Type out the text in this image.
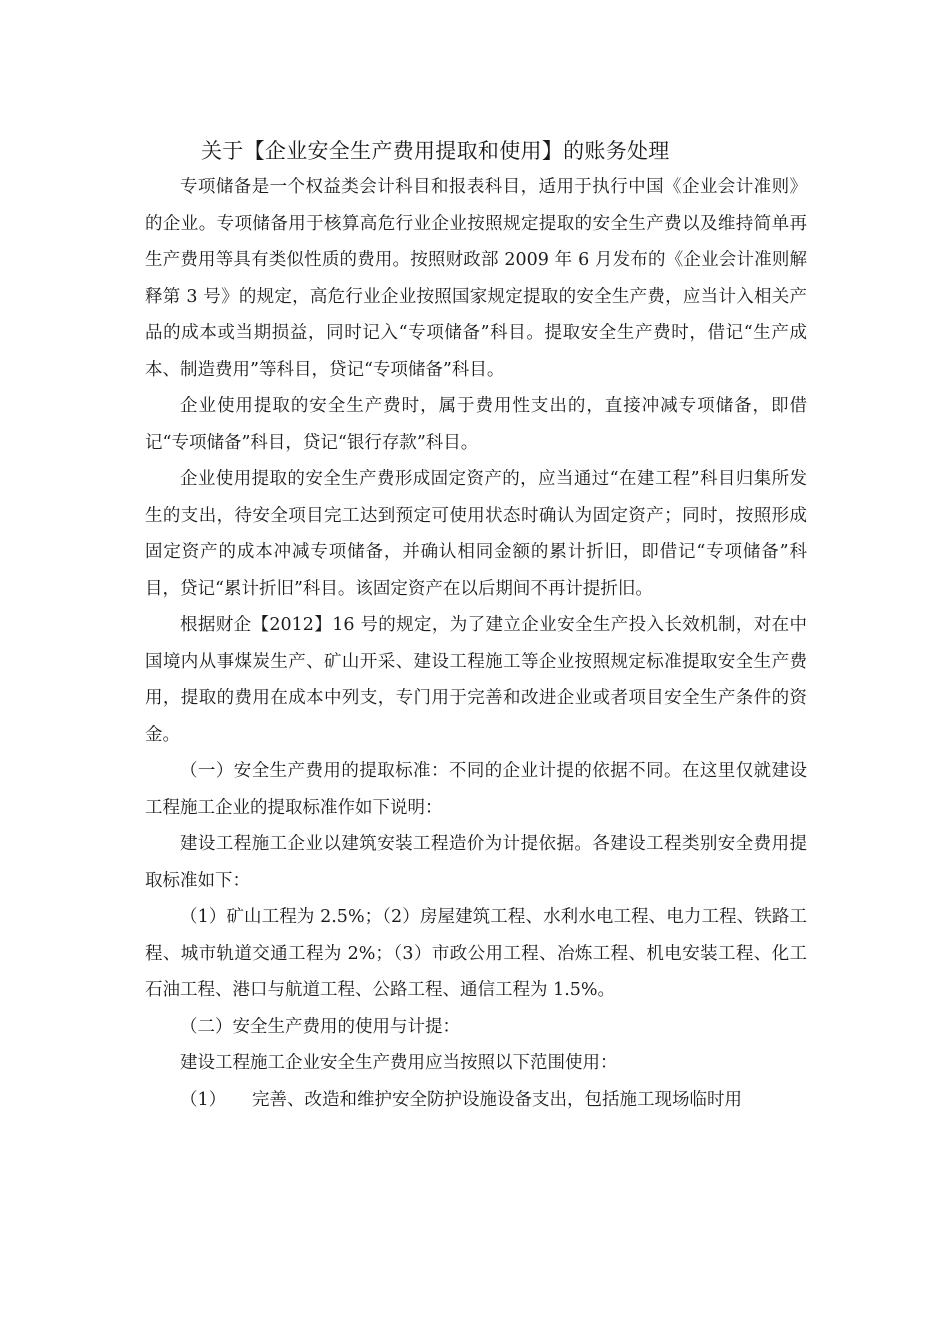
关于【企业安全生产费用提取和使用】的账务处理

专项储备是一个权益类会计科目和报表科目，适用于执行中国《企业会计准则》的企业。专项储备用于核算高危行业企业按照规定提取的安全生产费以及维持简单再生产费用等具有类似性质的费用。按照财政部 2009 年 6 月发布的《企业会计准则解释第 3 号》的规定，高危行业企业按照国家规定提取的安全生产费，应当计入相关产品的成本或当期损益，同时记入“专项储备”科目。提取安全生产费时，借记“生产成本、制造费用”等科目，贷记“专项储备”科目。

企业使用提取的安全生产费时，属于费用性支出的，直接冲减专项储备，即借记“专项储备”科目，贷记“银行存款”科目。

企业使用提取的安全生产费形成固定资产的，应当通过“在建工程”科目归集所发生的支出，待安全项目完工达到预定可使用状态时确认为固定资产；同时，按照形成固定资产的成本冲减专项储备，并确认相同金额的累计折旧，即借记“专项储备”科目，贷记“累计折旧”科目。该固定资产在以后期间不再计提折旧。

根据财企【2012】16 号的规定，为了建立企业安全生产投入长效机制，对在中国境内从事煤炭生产、矿山开采、建设工程施工等企业按照规定标准提取安全生产费用，提取的费用在成本中列支，专门用于完善和改进企业或者项目安全生产条件的资金。

（一）安全生产费用的提取标准：不同的企业计提的依据不同。在这里仅就建设工程施工企业的提取标准作如下说明：

建设工程施工企业以建筑安装工程造价为计提依据。各建设工程类别安全费用提取标准如下：

（1）矿山工程为 2.5%；（2）房屋建筑工程、水利水电工程、电力工程、铁路工程、城市轨道交通工程为 2%；（3）市政公用工程、冶炼工程、机电安装工程、化工石油工程、港口与航道工程、公路工程、通信工程为 1.5%。

（二）安全生产费用的使用与计提：

建设工程施工企业安全生产费用应当按照以下范围使用：

（1） 完善、改造和维护安全防护设施设备支出，包括施工现场临时用
